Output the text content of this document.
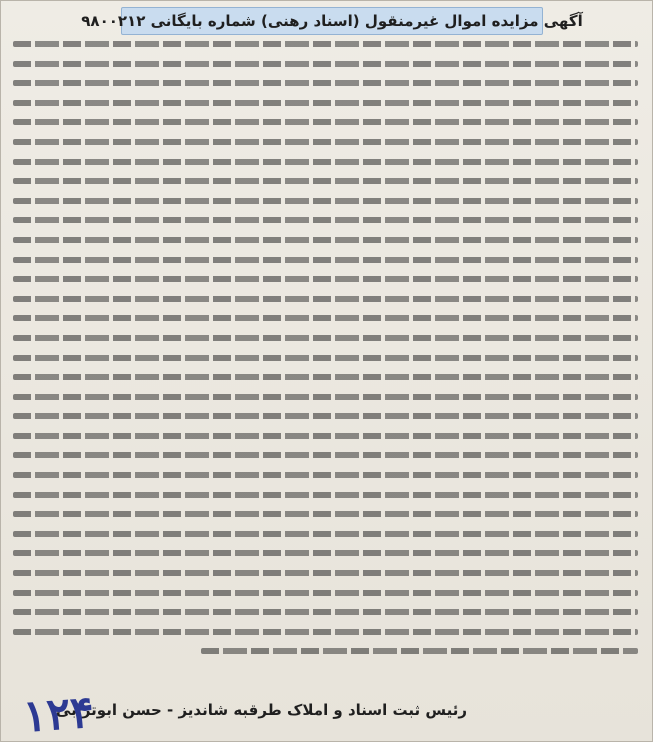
آگهی مزایده اموال غیرمنقول (اسناد رهنی) شماره بایگانی ۹۸۰۰۲۱۲
رئیس ثبت اسناد و املاک طرقبه شاندیز - حسن ابوترابی
۱۲۴
